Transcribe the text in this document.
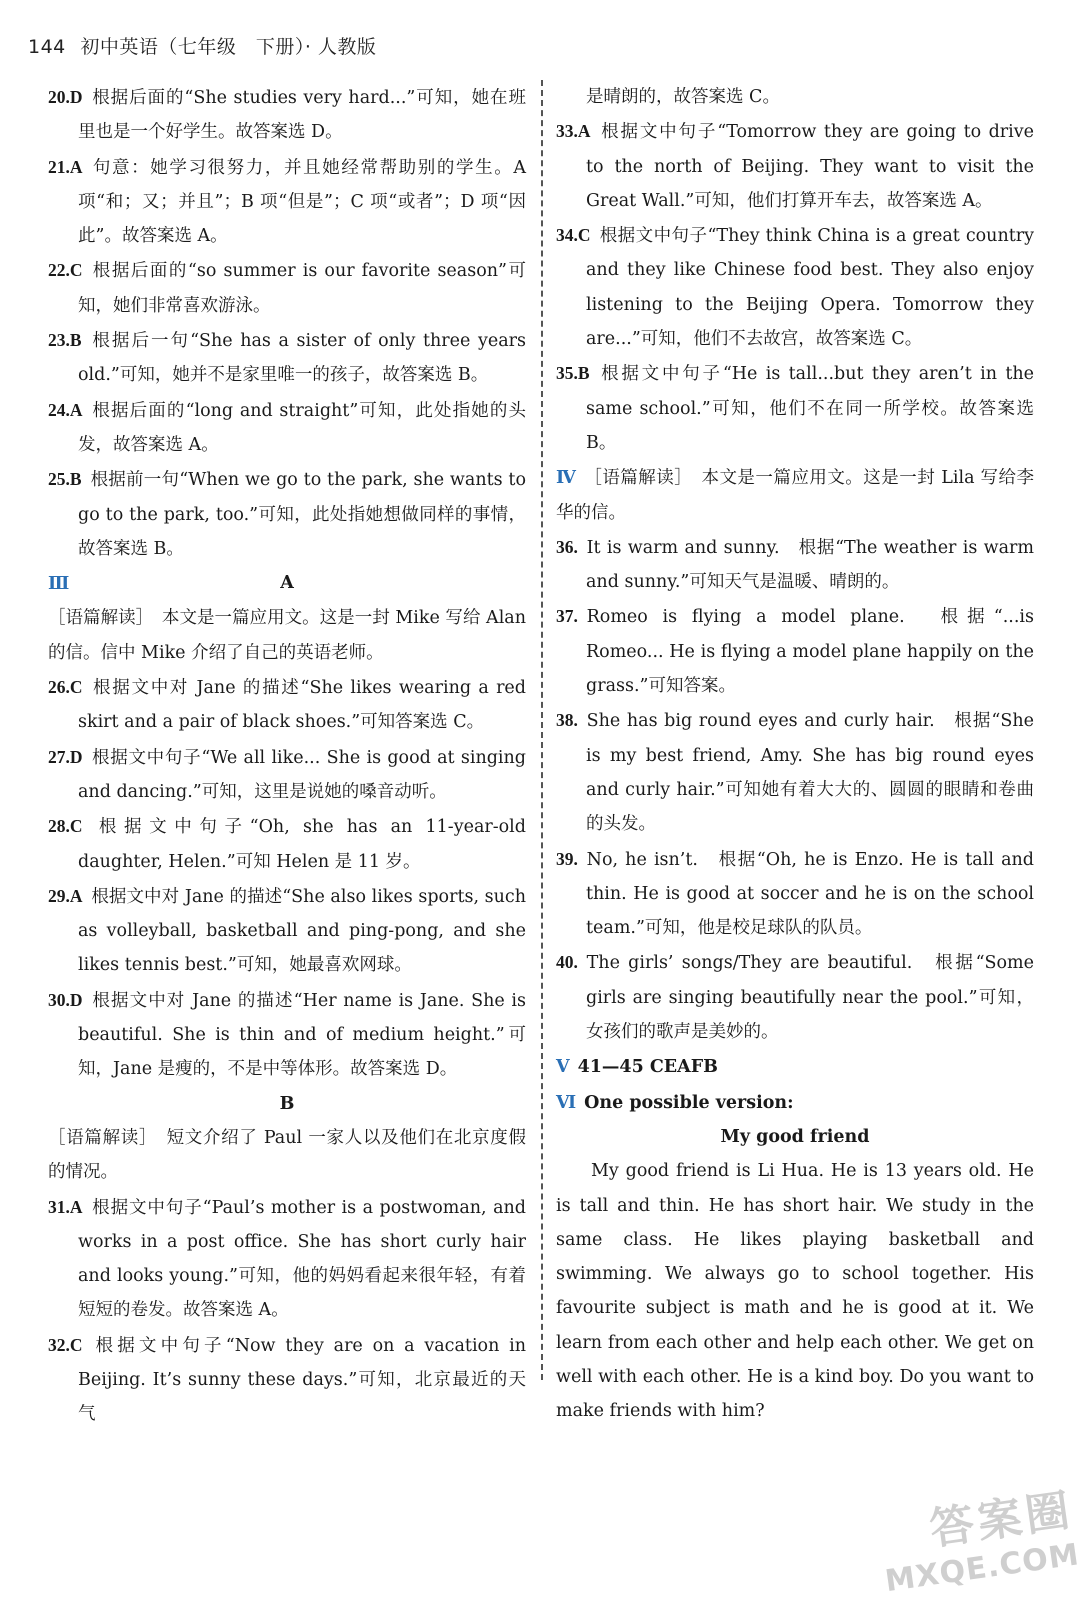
144 初中英语（七年级　下册）· 人教版

20.D  根据后面的“She studies very hard...”可知，她在班里也是一个好学生。故答案选 D。

21.A  句意：她学习很努力，并且她经常帮助别的学生。A 项“和；又；并且”；B 项“但是”；C 项“或者”；D 项“因此”。故答案选 A。

22.C  根据后面的“so summer is our favorite season”可知，她们非常喜欢游泳。

23.B  根据后一句“She has a sister of only three years old.”可知，她并不是家里唯一的孩子，故答案选 B。

24.A  根据后面的“long and straight”可知，此处指她的头发，故答案选 A。

25.B  根据前一句“When we go to the park, she wants to go to the park, too.”可知，此处指她想做同样的事情，故答案选 B。

Ⅲ	A

［语篇解读］　本文是一篇应用文。这是一封 Mike 写给 Alan 的信。信中 Mike 介绍了自己的英语老师。

26.C  根据文中对 Jane 的描述“She likes wearing a red skirt and a pair of black shoes.”可知答案选 C。

27.D  根据文中句子“We all like... She is good at singing and dancing.”可知，这里是说她的嗓音动听。

28.C  根据文中句子“Oh, she has an 11-year-old daughter, Helen.”可知 Helen 是 11 岁。

29.A  根据文中对 Jane 的描述“She also likes sports, such as volleyball, basketball and ping-pong, and she likes tennis best.”可知，她最喜欢网球。

30.D  根据文中对 Jane 的描述“Her name is Jane. She is beautiful. She is thin and of medium height.”可知，Jane 是瘦的，不是中等体形。故答案选 D。

B

［语篇解读］　短文介绍了 Paul 一家人以及他们在北京度假的情况。

31.A  根据文中句子“Paul’s mother is a postwoman, and works in a post office. She has short curly hair and looks young.”可知，他的妈妈看起来很年轻，有着短短的卷发。故答案选 A。

32.C  根据文中句子“Now they are on a vacation in Beijing. It’s sunny these days.”可知，北京最近的天气

是晴朗的，故答案选 C。

33.A  根据文中句子“Tomorrow they are going to drive to the north of Beijing. They want to visit the Great Wall.”可知，他们打算开车去，故答案选 A。

34.C  根据文中句子“They think China is a great country and they like Chinese food best. They also enjoy listening to the Beijing Opera. Tomorrow they are...”可知，他们不去故宫，故答案选 C。

35.B  根据文中句子“He is tall...but they aren’t in the same school.”可知，他们不在同一所学校。故答案选 B。

Ⅳ ［语篇解读］　本文是一篇应用文。这是一封 Lila 写给李华的信。

36.  It is warm and sunny.　根据“The weather is warm and sunny.”可知天气是温暖、晴朗的。

37.  Romeo is flying a model plane.　根据“...is Romeo... He is flying a model plane happily on the grass.”可知答案。

38.  She has big round eyes and curly hair.　根据“She is my best friend, Amy. She has big round eyes and curly hair.”可知她有着大大的、圆圆的眼睛和卷曲的头发。

39.  No, he isn’t.　根据“Oh, he is Enzo. He is tall and thin. He is good at soccer and he is on the school team.”可知，他是校足球队的队员。

40.  The girls’ songs/They are beautiful.　根据“Some girls are singing beautifully near the pool.”可知，女孩们的歌声是美妙的。

Ⅴ 41—45 CEAFB

Ⅵ One possible version:

My good friend

My good friend is Li Hua. He is 13 years old. He is tall and thin. He has short hair. We study in the same class. He likes playing basketball and swimming. We always go to school together. His favourite subject is math and he is good at it. We learn from each other and help each other. We get on well with each other. He is a kind boy. Do you want to make friends with him?

答案圈
MXQE.COM
